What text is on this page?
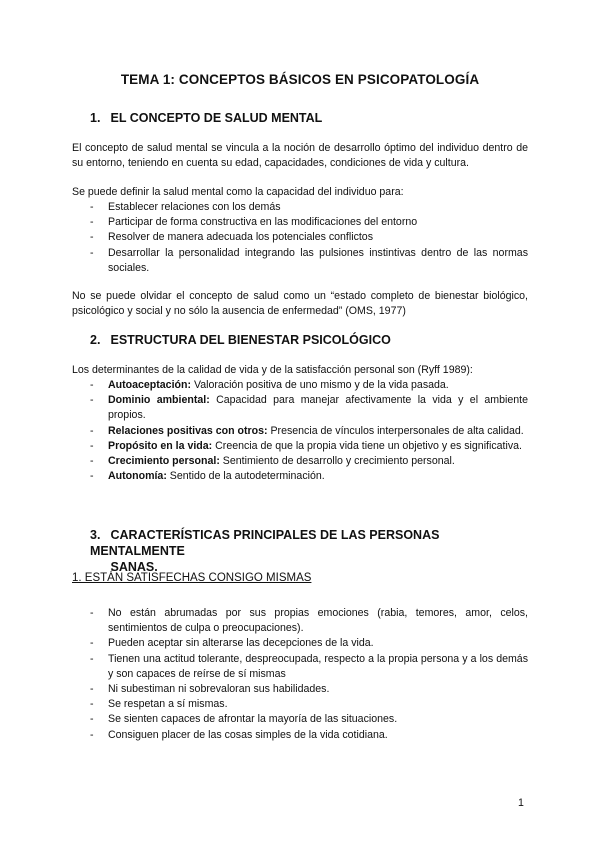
TEMA 1: CONCEPTOS BÁSICOS EN PSICOPATOLOGÍA
1. EL CONCEPTO DE SALUD MENTAL
El concepto de salud mental se vincula a la noción de desarrollo óptimo del individuo dentro de su entorno, teniendo en cuenta su edad, capacidades, condiciones de vida y cultura.
Se puede definir la salud mental como la capacidad del individuo para:
- Establecer relaciones con los demás
- Participar de forma constructiva en las modificaciones del entorno
- Resolver de manera adecuada los potenciales conflictos
- Desarrollar la personalidad integrando las pulsiones instintivas dentro de las normas sociales.
No se puede olvidar el concepto de salud como un “estado completo de bienestar biológico, psicológico y social y no sólo la ausencia de enfermedad” (OMS, 1977)
2. ESTRUCTURA DEL BIENESTAR PSICOLÓGICO
Los determinantes de la calidad de vida y de la satisfacción personal son (Ryff 1989):
- Autoaceptación: Valoración positiva de uno mismo y de la vida pasada.
- Dominio ambiental: Capacidad para manejar afectivamente la vida y el ambiente propios.
- Relaciones positivas con otros: Presencia de vínculos interpersonales de alta calidad.
- Propósito en la vida: Creencia de que la propia vida tiene un objetivo y es significativa.
- Crecimiento personal: Sentimiento de desarrollo y crecimiento personal.
- Autonomía: Sentido de la autodeterminación.
3. CARACTERÍSTICAS PRINCIPALES DE LAS PERSONAS MENTALMENTE
SANAS.
1. ESTÁN SATISFECHAS CONSIGO MISMAS
- No están abrumadas por sus propias emociones (rabia, temores, amor, celos, sentimientos de culpa o preocupaciones).
- Pueden aceptar sin alterarse las decepciones de la vida.
- Tienen una actitud tolerante, despreocupada, respecto a la propia persona y a los demás y son capaces de reírse de sí mismas
- Ni subestiman ni sobrevaloran sus habilidades.
- Se respetan a sí mismas.
- Se sienten capaces de afrontar la mayoría de las situaciones.
- Consiguen placer de las cosas simples de la vida cotidiana.
1
